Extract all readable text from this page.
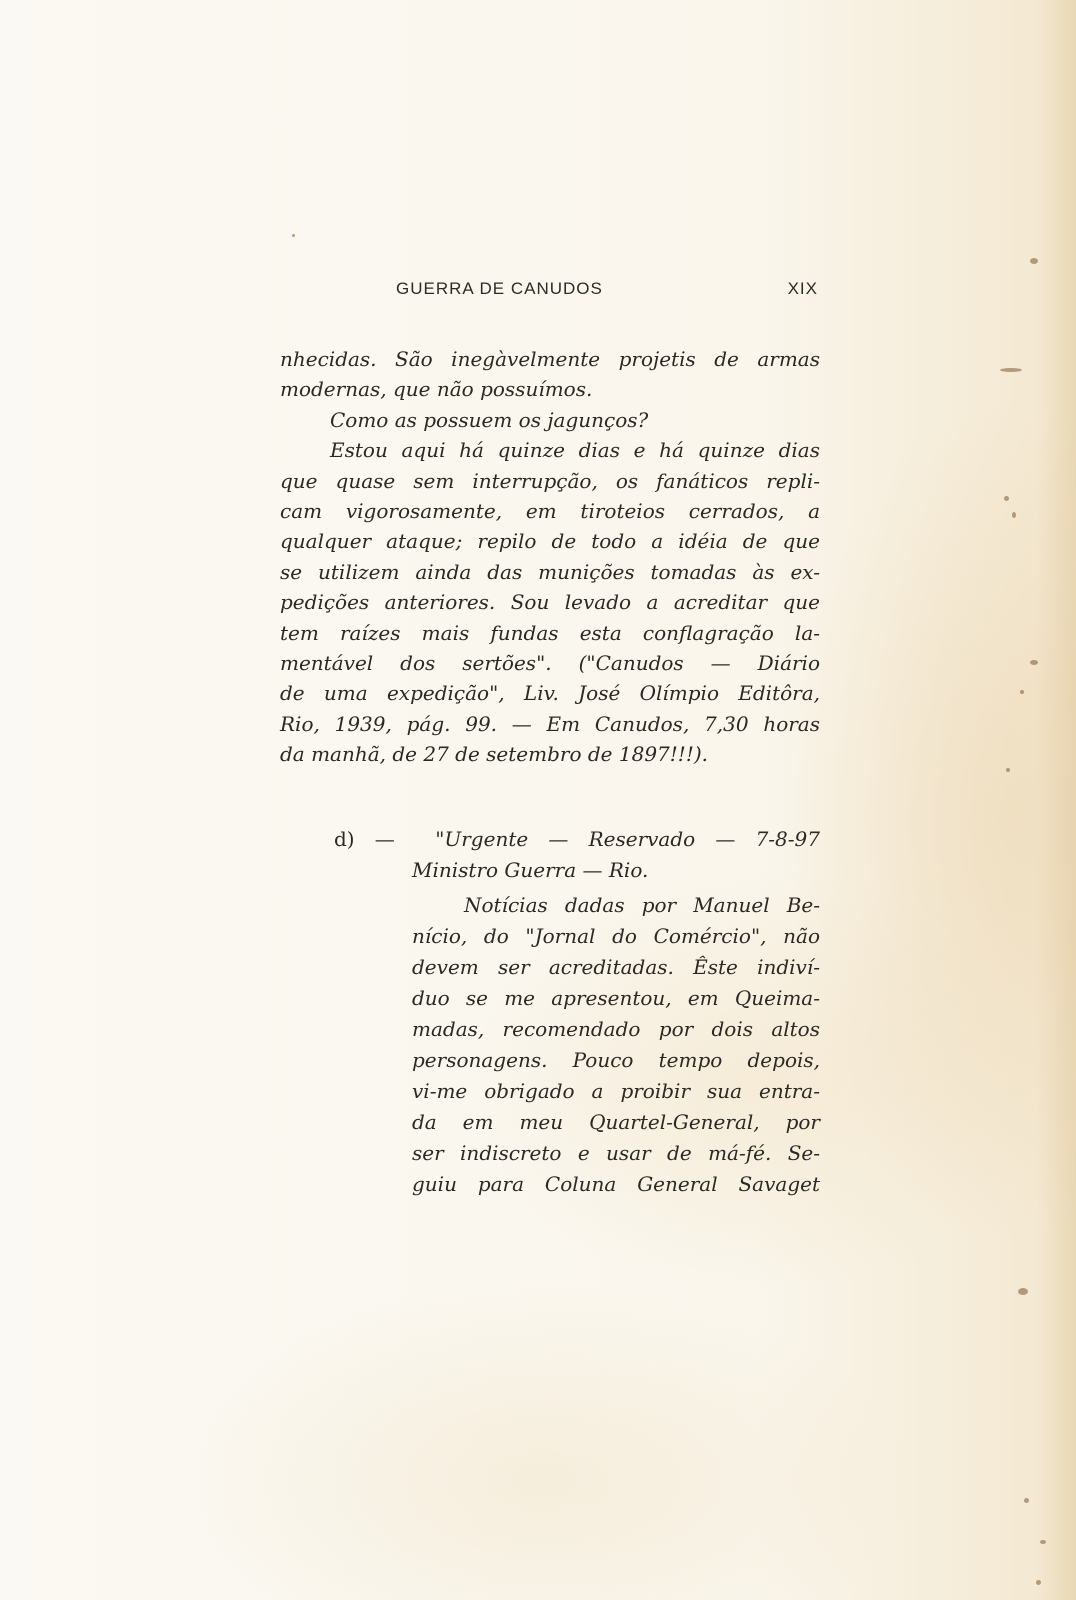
GUERRA DE CANUDOS	XIX
nhecidas. São inegàvelmente projetis de armas
modernas, que não possuímos.
Como as possuem os jagunços?
Estou aqui há quinze dias e há quinze dias
que quase sem interrupção, os fanáticos repli-
cam vigorosamente, em tiroteios cerrados, a
qualquer ataque; repilo de todo a idéia de que
se utilizem ainda das munições tomadas às ex-
pedições anteriores. Sou levado a acreditar que
tem raízes mais fundas esta conflagração la-
mentável dos sertões". ("Canudos — Diário
de uma expedição", Liv. José Olímpio Editôra,
Rio, 1939, pág. 99. — Em Canudos, 7,30 horas
da manhã, de 27 de setembro de 1897!!!).
d) — "Urgente — Reservado — 7-8-97
Ministro Guerra — Rio.
Notícias dadas por Manuel Be-
nício, do "Jornal do Comércio", não
devem ser acreditadas. Êste indiví-
duo se me apresentou, em Queima-
madas, recomendado por dois altos
personagens. Pouco tempo depois,
vi-me obrigado a proibir sua entra-
da em meu Quartel-General, por
ser indiscreto e usar de má-fé. Se-
guiu para Coluna General Savaget
